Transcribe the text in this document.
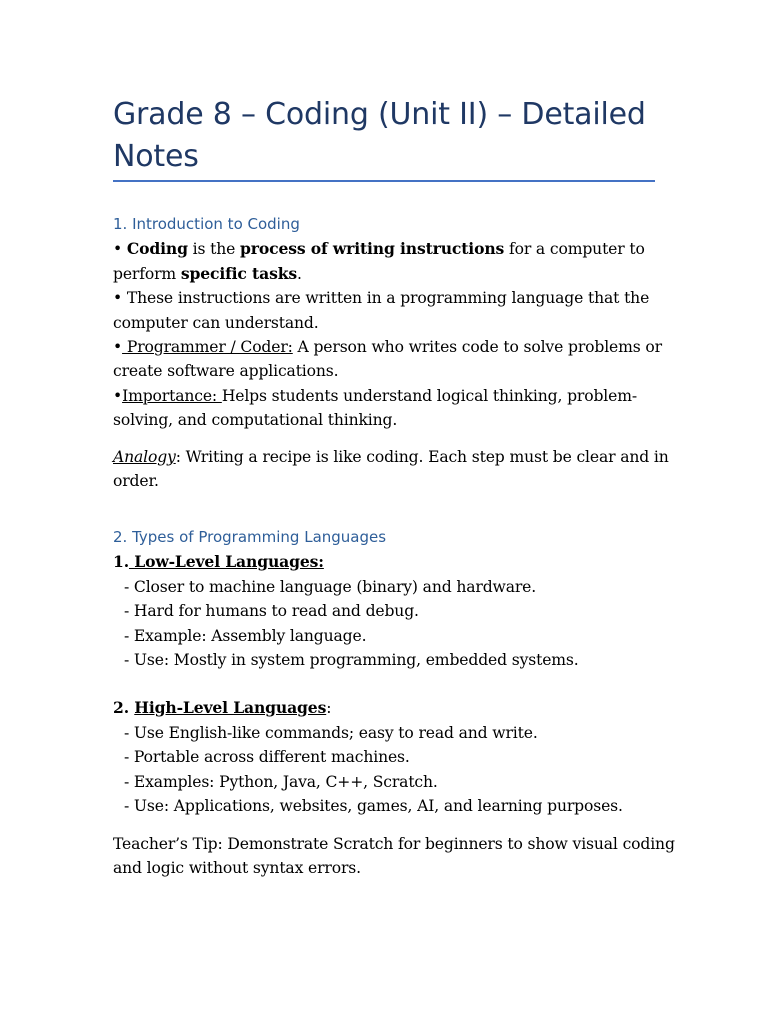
Grade 8 – Coding (Unit II) – Detailed Notes
1. Introduction to Coding
• Coding is the process of writing instructions for a computer to
perform specific tasks.
• These instructions are written in a programming language that the
computer can understand.
• Programmer / Coder: A person who writes code to solve problems or
create software applications.
•Importance: Helps students understand logical thinking, problem-
solving, and computational thinking.
Analogy: Writing a recipe is like coding. Each step must be clear and in
order.
2. Types of Programming Languages
1. Low-Level Languages:
- Closer to machine language (binary) and hardware.
- Hard for humans to read and debug.
- Example: Assembly language.
- Use: Mostly in system programming, embedded systems.
2. High-Level Languages:
- Use English-like commands; easy to read and write.
- Portable across different machines.
- Examples: Python, Java, C++, Scratch.
- Use: Applications, websites, games, AI, and learning purposes.
Teacher’s Tip: Demonstrate Scratch for beginners to show visual coding
and logic without syntax errors.
